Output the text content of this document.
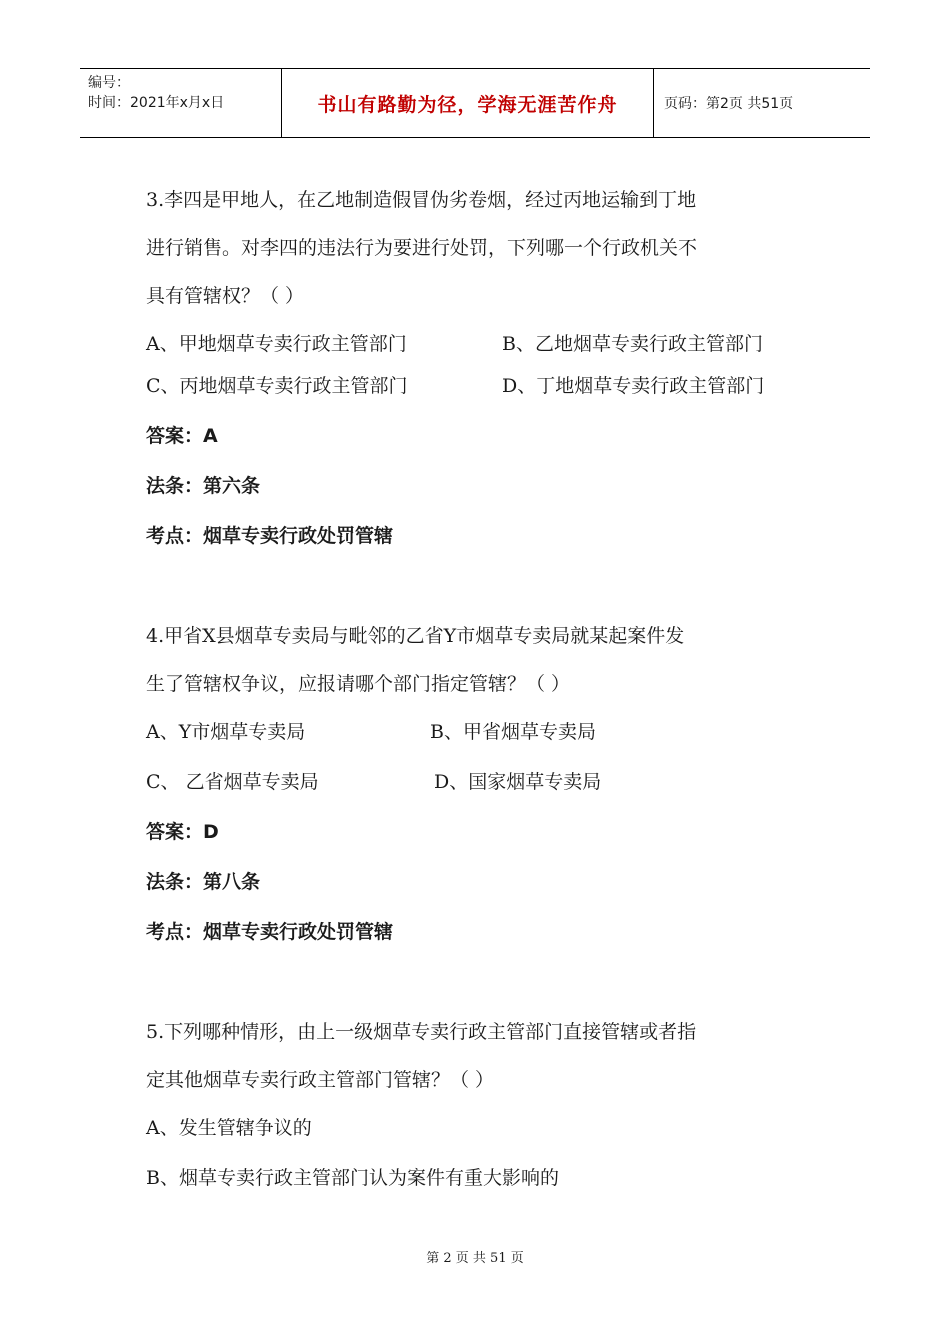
编号：
时间：2021年x月x日	书山有路勤为径，学海无涯苦作舟	页码：第2页 共51页
3.李四是甲地人，在乙地制造假冒伪劣卷烟，经过丙地运输到丁地
进行销售。对李四的违法行为要进行处罚，下列哪一个行政机关不
具有管辖权？（ ）
A、甲地烟草专卖行政主管部门	B、乙地烟草专卖行政主管部门
C、丙地烟草专卖行政主管部门	D、丁地烟草专卖行政主管部门
答案：A
法条：第六条
考点：烟草专卖行政处罚管辖
4.甲省X县烟草专卖局与毗邻的乙省Y市烟草专卖局就某起案件发
生了管辖权争议，应报请哪个部门指定管辖？（ ）
A、Y市烟草专卖局	B、甲省烟草专卖局
C、 乙省烟草专卖局	D、国家烟草专卖局
答案：D
法条：第八条
考点：烟草专卖行政处罚管辖
5.下列哪种情形，由上一级烟草专卖行政主管部门直接管辖或者指
定其他烟草专卖行政主管部门管辖？（ ）
A、发生管辖争议的
B、烟草专卖行政主管部门认为案件有重大影响的
第 2 页 共 51 页
